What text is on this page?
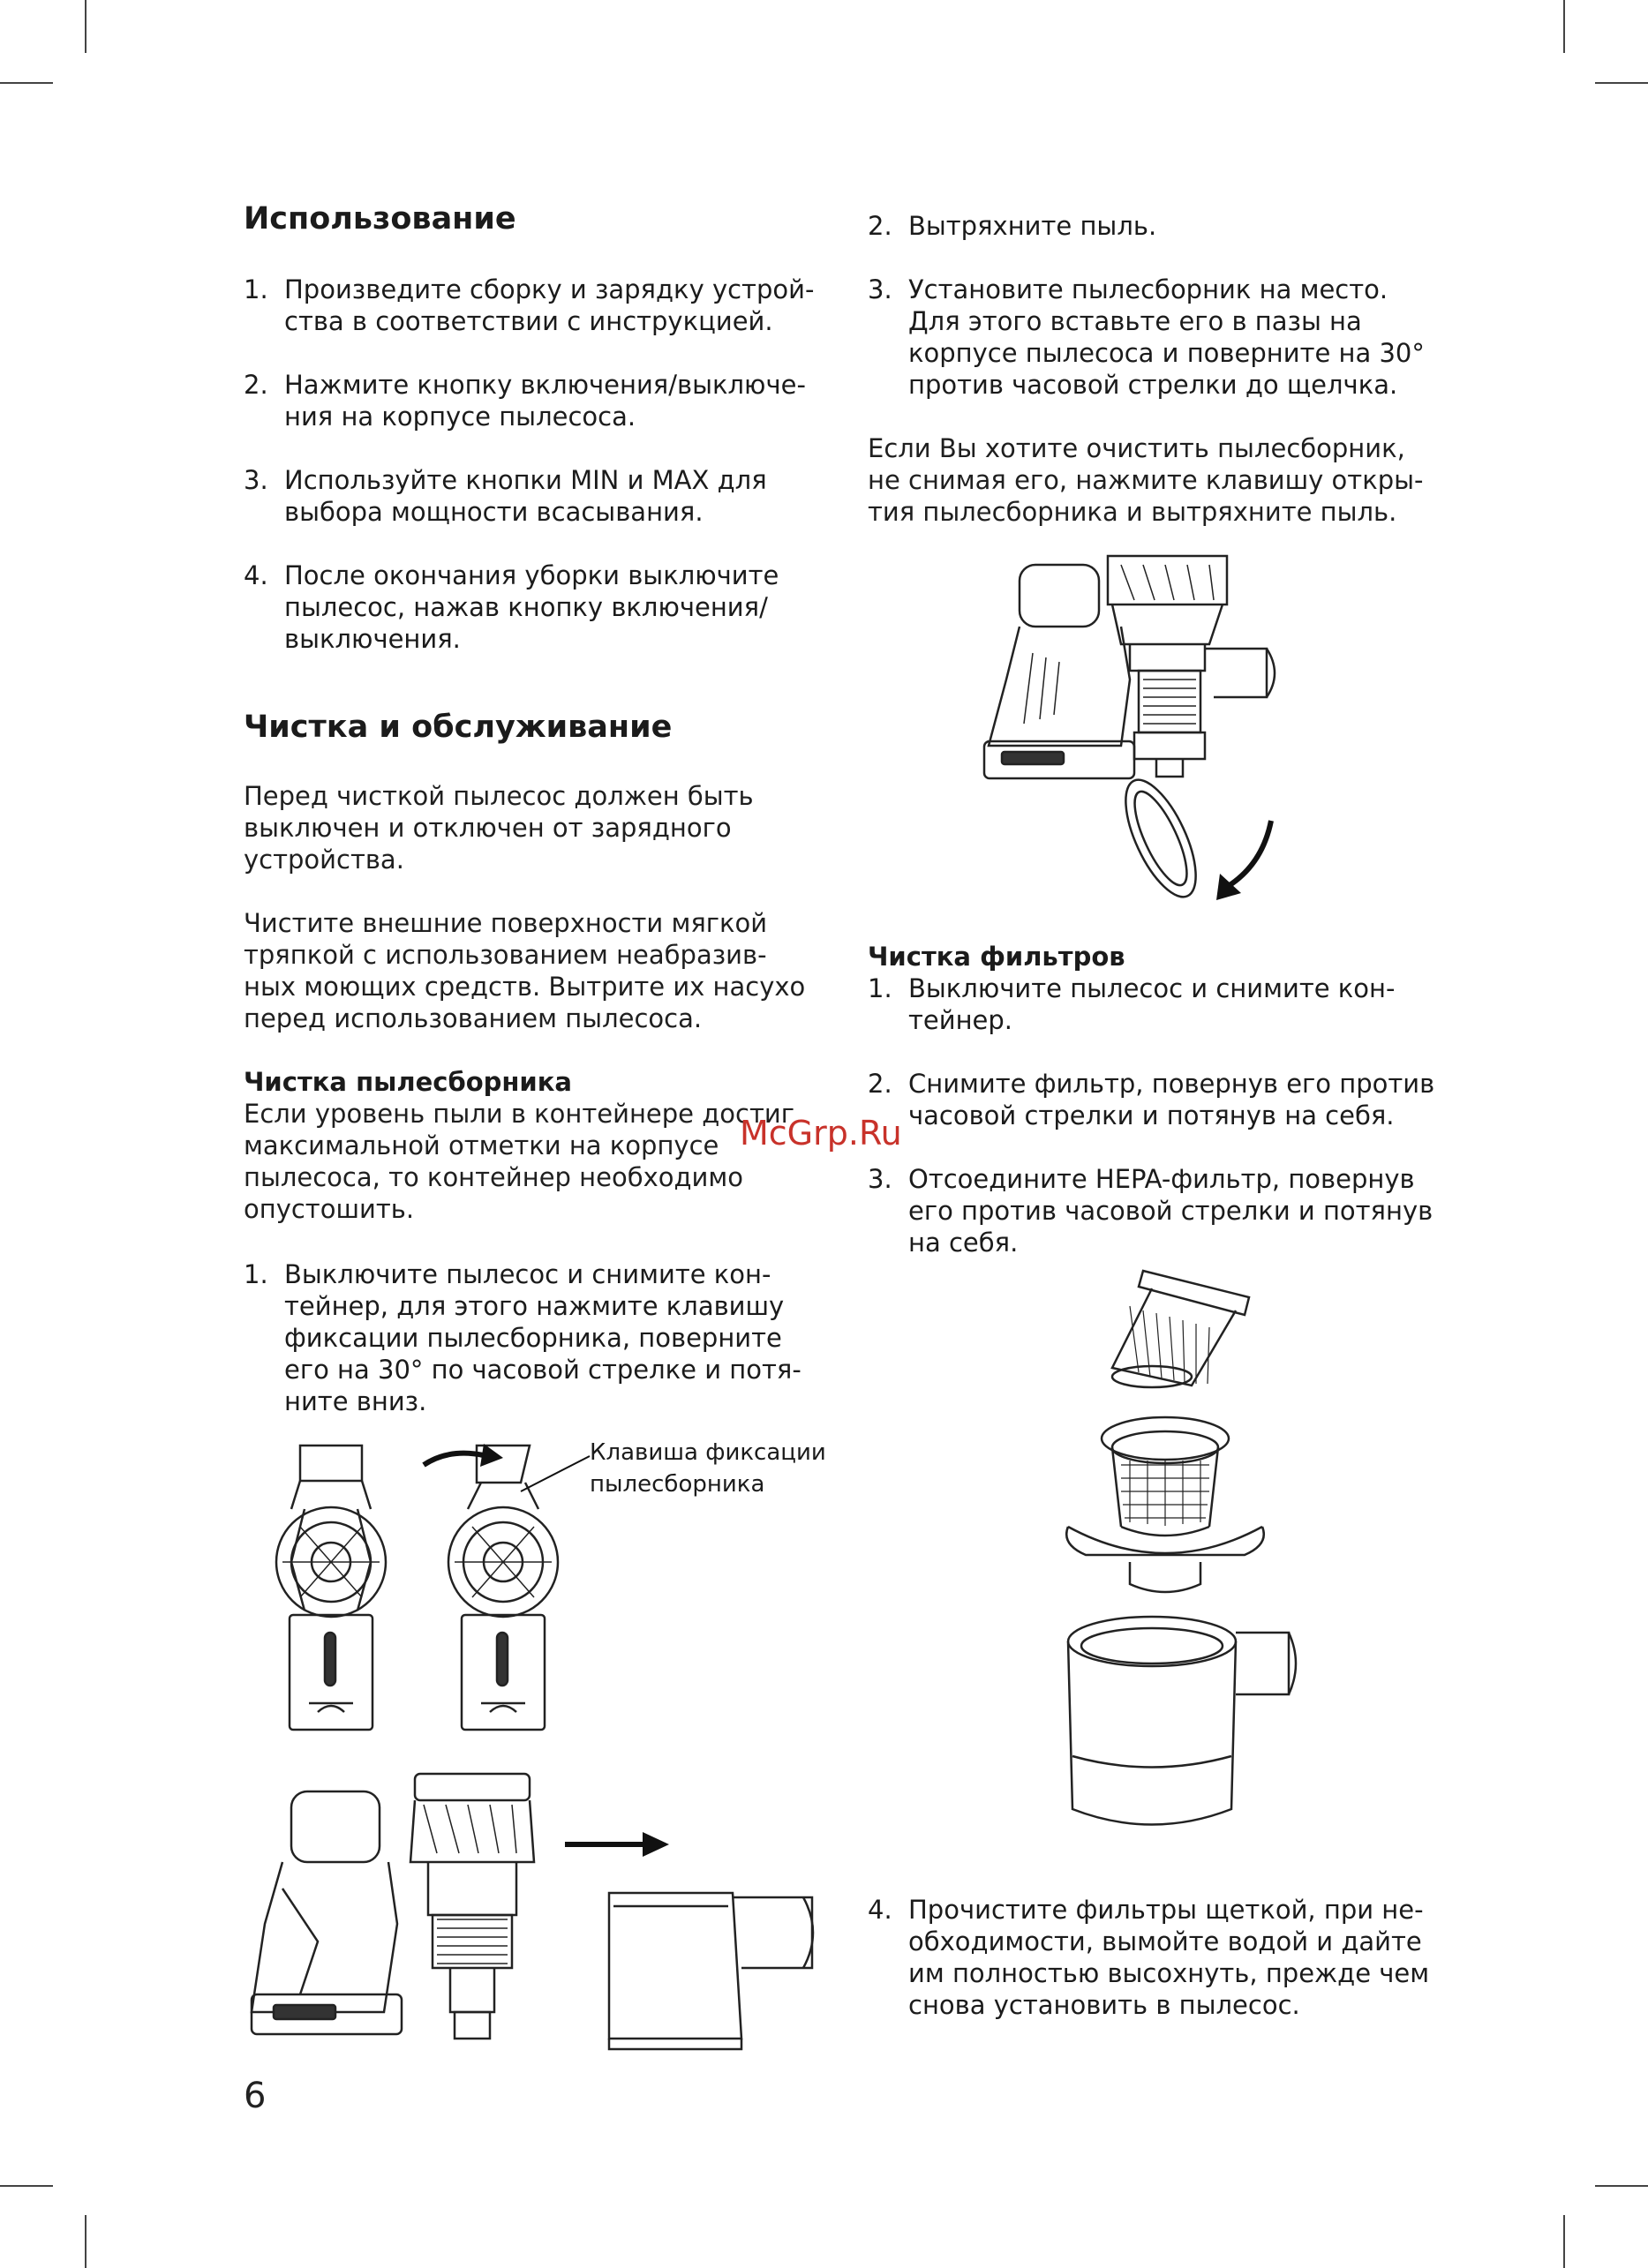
Использование
1. Произведите сборку и зарядку устрой-
ства в соответствии с инструкцией.
2. Нажмите кнопку включения/выключе-
ния на корпусе пылесоса.
3. Используйте кнопки MIN и MAX для
выбора мощности всасывания.
4. После окончания уборки выключите
пылесос, нажав кнопку включения/
выключения.
Чистка и обслуживание

Перед чисткой пылесос должен быть
выключен и отключен от зарядного
устройства.

Чистите внешние поверхности мягкой
тряпкой с использованием неабразив-
ных моющих средств. Вытрите их насухо
перед использованием пылесоса.

Чистка пылесборника

Если уровень пыли в контейнере достиг
максимальной отметки на корпусе
пылесоса, то контейнер необходимо
опустошить.

1. Выключите пылесос и снимите кон-
тейнер, для этого нажмите клавишу
фиксации пылесборника, поверните
его на 30° по часовой стрелке и потя-
ните вниз.
Клавиша фиксации
пылесборника
2. Вытряхните пыль.
3. Установите пылесборник на место.
Для этого вставьте его в пазы на
корпусе пылесоса и поверните на 30°
против часовой стрелки до щелчка.

Если Вы хотите очистить пылесборник,
не снимая его, нажмите клавишу откры-
тия пылесборника и вытряхните пыль.

Чистка фильтров

1. Выключите пылесос и снимите кон-
тейнер.
2. Снимите фильтр, повернув его против
часовой стрелки и потянув на себя.
3. Отсоедините HEPA-фильтр, повернув
его против часовой стрелки и потянув
на себя.
4. Прочистите фильтры щеткой, при не-
обходимости, вымойте водой и дайте
им полностью высохнуть, прежде чем
снова установить в пылесос.
McGrp.Ru
6
